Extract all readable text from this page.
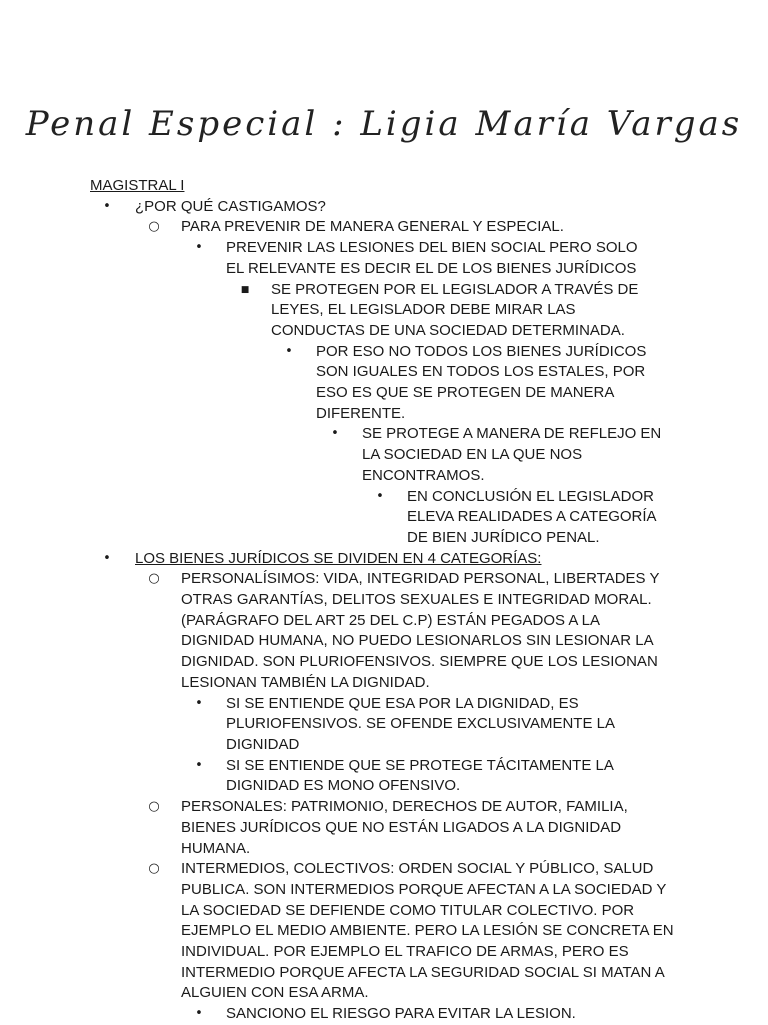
Penal Especial : Ligia María Vargas
MAGISTRAL I
• ¿POR QUÉ CASTIGAMOS?
○ PARA PREVENIR DE MANERA GENERAL Y ESPECIAL.
• PREVENIR LAS LESIONES DEL BIEN SOCIAL PERO SOLO EL RELEVANTE ES DECIR EL DE LOS BIENES JURÍDICOS
■ SE PROTEGEN POR EL LEGISLADOR A TRAVÉS DE LEYES, EL LEGISLADOR DEBE MIRAR LAS CONDUCTAS DE UNA SOCIEDAD DETERMINADA.
• POR ESO NO TODOS LOS BIENES JURÍDICOS SON IGUALES EN TODOS LOS ESTALES, POR ESO ES QUE SE PROTEGEN DE MANERA DIFERENTE.
• SE PROTEGE A MANERA DE REFLEJO EN LA SOCIEDAD EN LA QUE NOS ENCONTRAMOS.
• EN CONCLUSIÓN EL LEGISLADOR ELEVA REALIDADES A CATEGORÍA DE BIEN JURÍDICO PENAL.
• LOS BIENES JURÍDICOS SE DIVIDEN EN 4 CATEGORÍAS:
○ PERSONALÍSIMOS: VIDA, INTEGRIDAD PERSONAL, LIBERTADES Y OTRAS GARANTÍAS, DELITOS SEXUALES E INTEGRIDAD MORAL. (PARÁGRAFO DEL ART 25 DEL C.P) ESTÁN PEGADOS A LA DIGNIDAD HUMANA, NO PUEDO LESIONARLOS SIN LESIONAR LA DIGNIDAD. SON PLURIOFENSIVOS. SIEMPRE QUE LOS LESIONAN LESIONAN TAMBIÉN LA DIGNIDAD.
• SI SE ENTIENDE QUE ESA POR LA DIGNIDAD, ES PLURIOFENSIVOS. SE OFENDE EXCLUSIVAMENTE LA DIGNIDAD
• SI SE ENTIENDE QUE SE PROTEGE TÁCITAMENTE LA DIGNIDAD ES MONO OFENSIVO.
○ PERSONALES: PATRIMONIO, DERECHOS DE AUTOR, FAMILIA, BIENES JURÍDICOS QUE NO ESTÁN LIGADOS A LA DIGNIDAD HUMANA.
○ INTERMEDIOS, COLECTIVOS: ORDEN SOCIAL Y PÚBLICO, SALUD PUBLICA. SON INTERMEDIOS PORQUE AFECTAN A LA SOCIEDAD Y LA SOCIEDAD SE DEFIENDE COMO TITULAR COLECTIVO. POR EJEMPLO EL MEDIO AMBIENTE. PERO LA LESIÓN SE CONCRETA EN INDIVIDUAL. POR EJEMPLO EL TRAFICO DE ARMAS, PERO ES INTERMEDIO PORQUE AFECTA LA SEGURIDAD SOCIAL SI MATAN A ALGUIEN CON ESA ARMA.
• SANCIONO EL RIESGO PARA EVITAR LA LESION.
